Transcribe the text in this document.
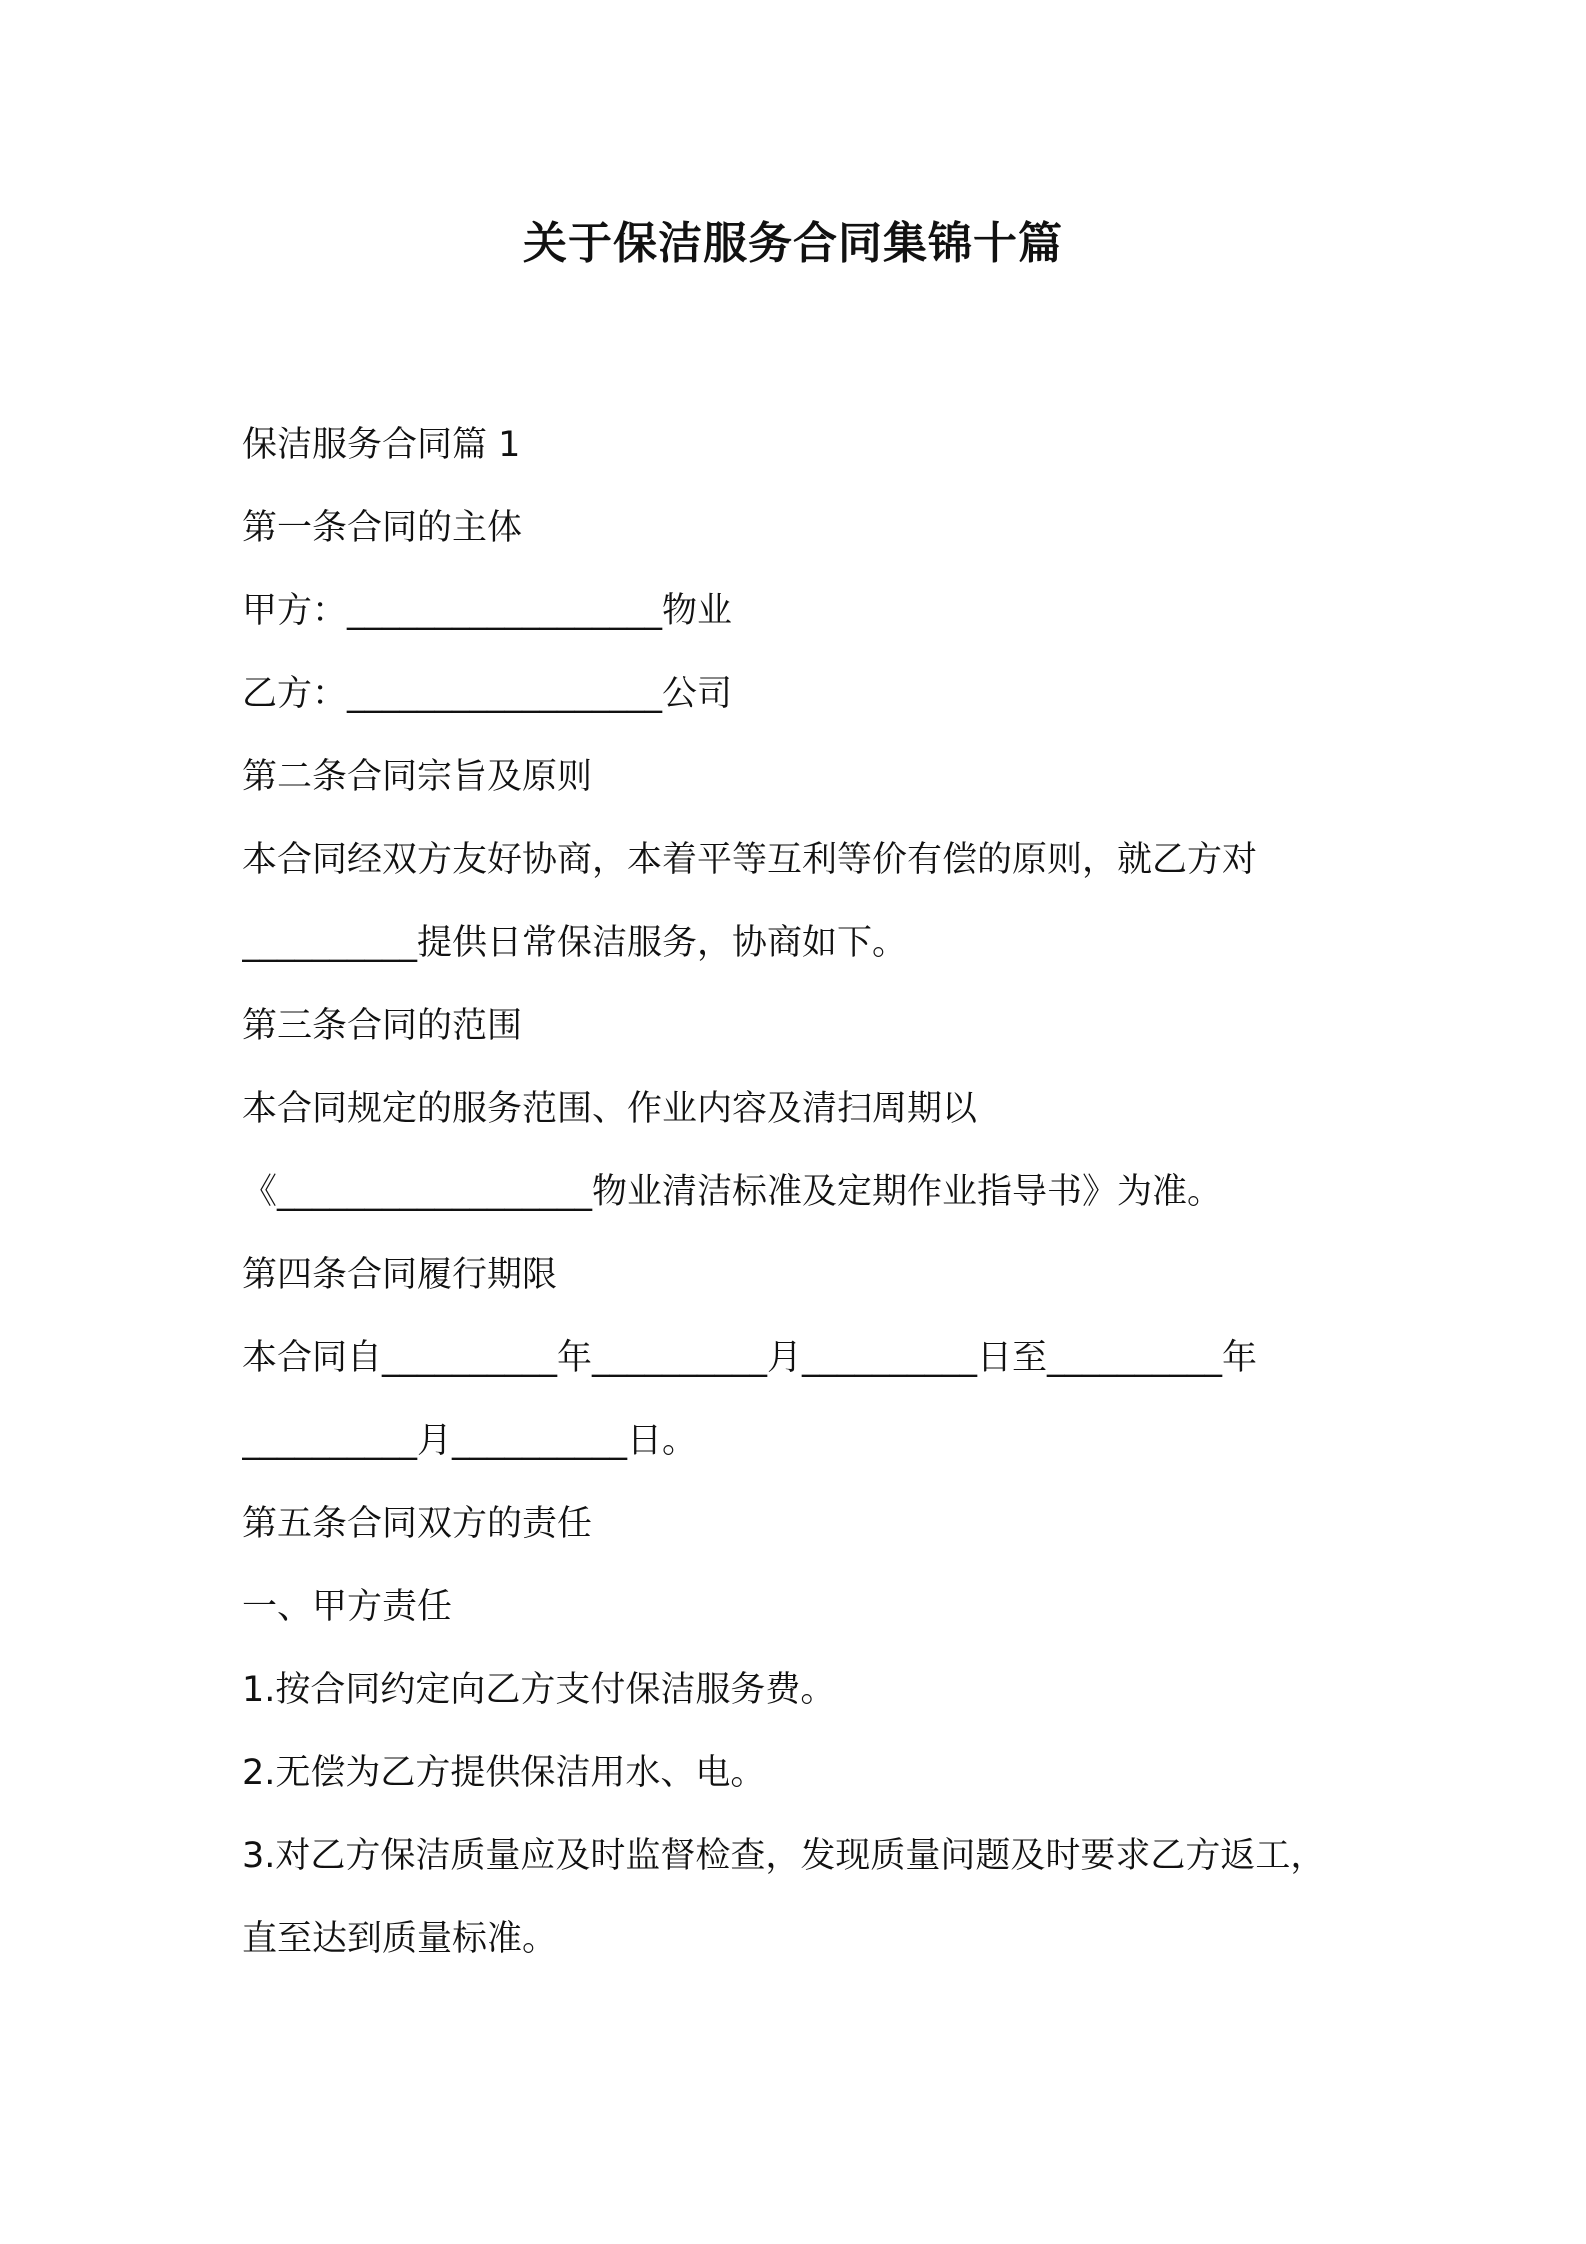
关于保洁服务合同集锦十篇
保洁服务合同篇 1
第一条合同的主体
甲方：__________________物业
乙方：__________________公司
第二条合同宗旨及原则
本合同经双方友好协商，本着平等互利等价有偿的原则，就乙方对
__________提供日常保洁服务，协商如下。
第三条合同的范围
本合同规定的服务范围、作业内容及清扫周期以
《__________________物业清洁标准及定期作业指导书》为准。
第四条合同履行期限
本合同自__________年__________月__________日至__________年
__________月__________日。
第五条合同双方的责任
一、甲方责任
1.按合同约定向乙方支付保洁服务费。
2.无偿为乙方提供保洁用水、电。
3.对乙方保洁质量应及时监督检查，发现质量问题及时要求乙方返工，
直至达到质量标准。
